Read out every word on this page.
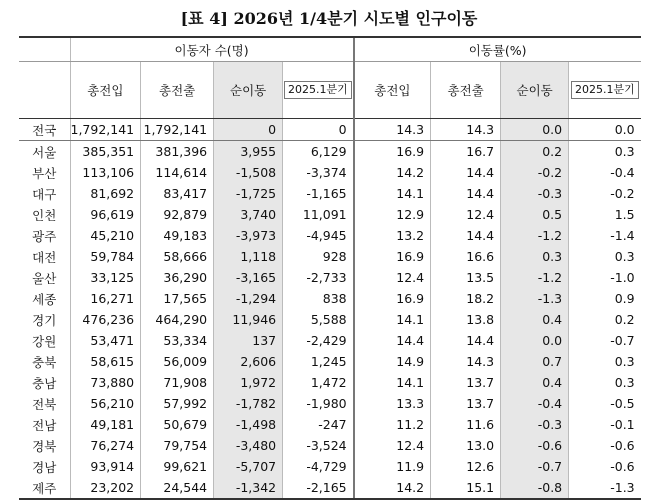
[표 4] 2026년 1/4분기 시도별 인구이동
	이동자 수(명)				이동률(%)			
	총전입	총전출	순이동	2025.1분기	총전입	총전출	순이동	2025.1분기
전국	1,792,141	1,792,141	0	0	14.3	14.3	0.0	0.0
서울	385,351	381,396	3,955	6,129	16.9	16.7	0.2	0.3
부산	113,106	114,614	-1,508	-3,374	14.2	14.4	-0.2	-0.4
대구	81,692	83,417	-1,725	-1,165	14.1	14.4	-0.3	-0.2
인천	96,619	92,879	3,740	11,091	12.9	12.4	0.5	1.5
광주	45,210	49,183	-3,973	-4,945	13.2	14.4	-1.2	-1.4
대전	59,784	58,666	1,118	928	16.9	16.6	0.3	0.3
울산	33,125	36,290	-3,165	-2,733	12.4	13.5	-1.2	-1.0
세종	16,271	17,565	-1,294	838	16.9	18.2	-1.3	0.9
경기	476,236	464,290	11,946	5,588	14.1	13.8	0.4	0.2
강원	53,471	53,334	137	-2,429	14.4	14.4	0.0	-0.7
충북	58,615	56,009	2,606	1,245	14.9	14.3	0.7	0.3
충남	73,880	71,908	1,972	1,472	14.1	13.7	0.4	0.3
전북	56,210	57,992	-1,782	-1,980	13.3	13.7	-0.4	-0.5
전남	49,181	50,679	-1,498	-247	11.2	11.6	-0.3	-0.1
경북	76,274	79,754	-3,480	-3,524	12.4	13.0	-0.6	-0.6
경남	93,914	99,621	-5,707	-4,729	11.9	12.6	-0.7	-0.6
제주	23,202	24,544	-1,342	-2,165	14.2	15.1	-0.8	-1.3
